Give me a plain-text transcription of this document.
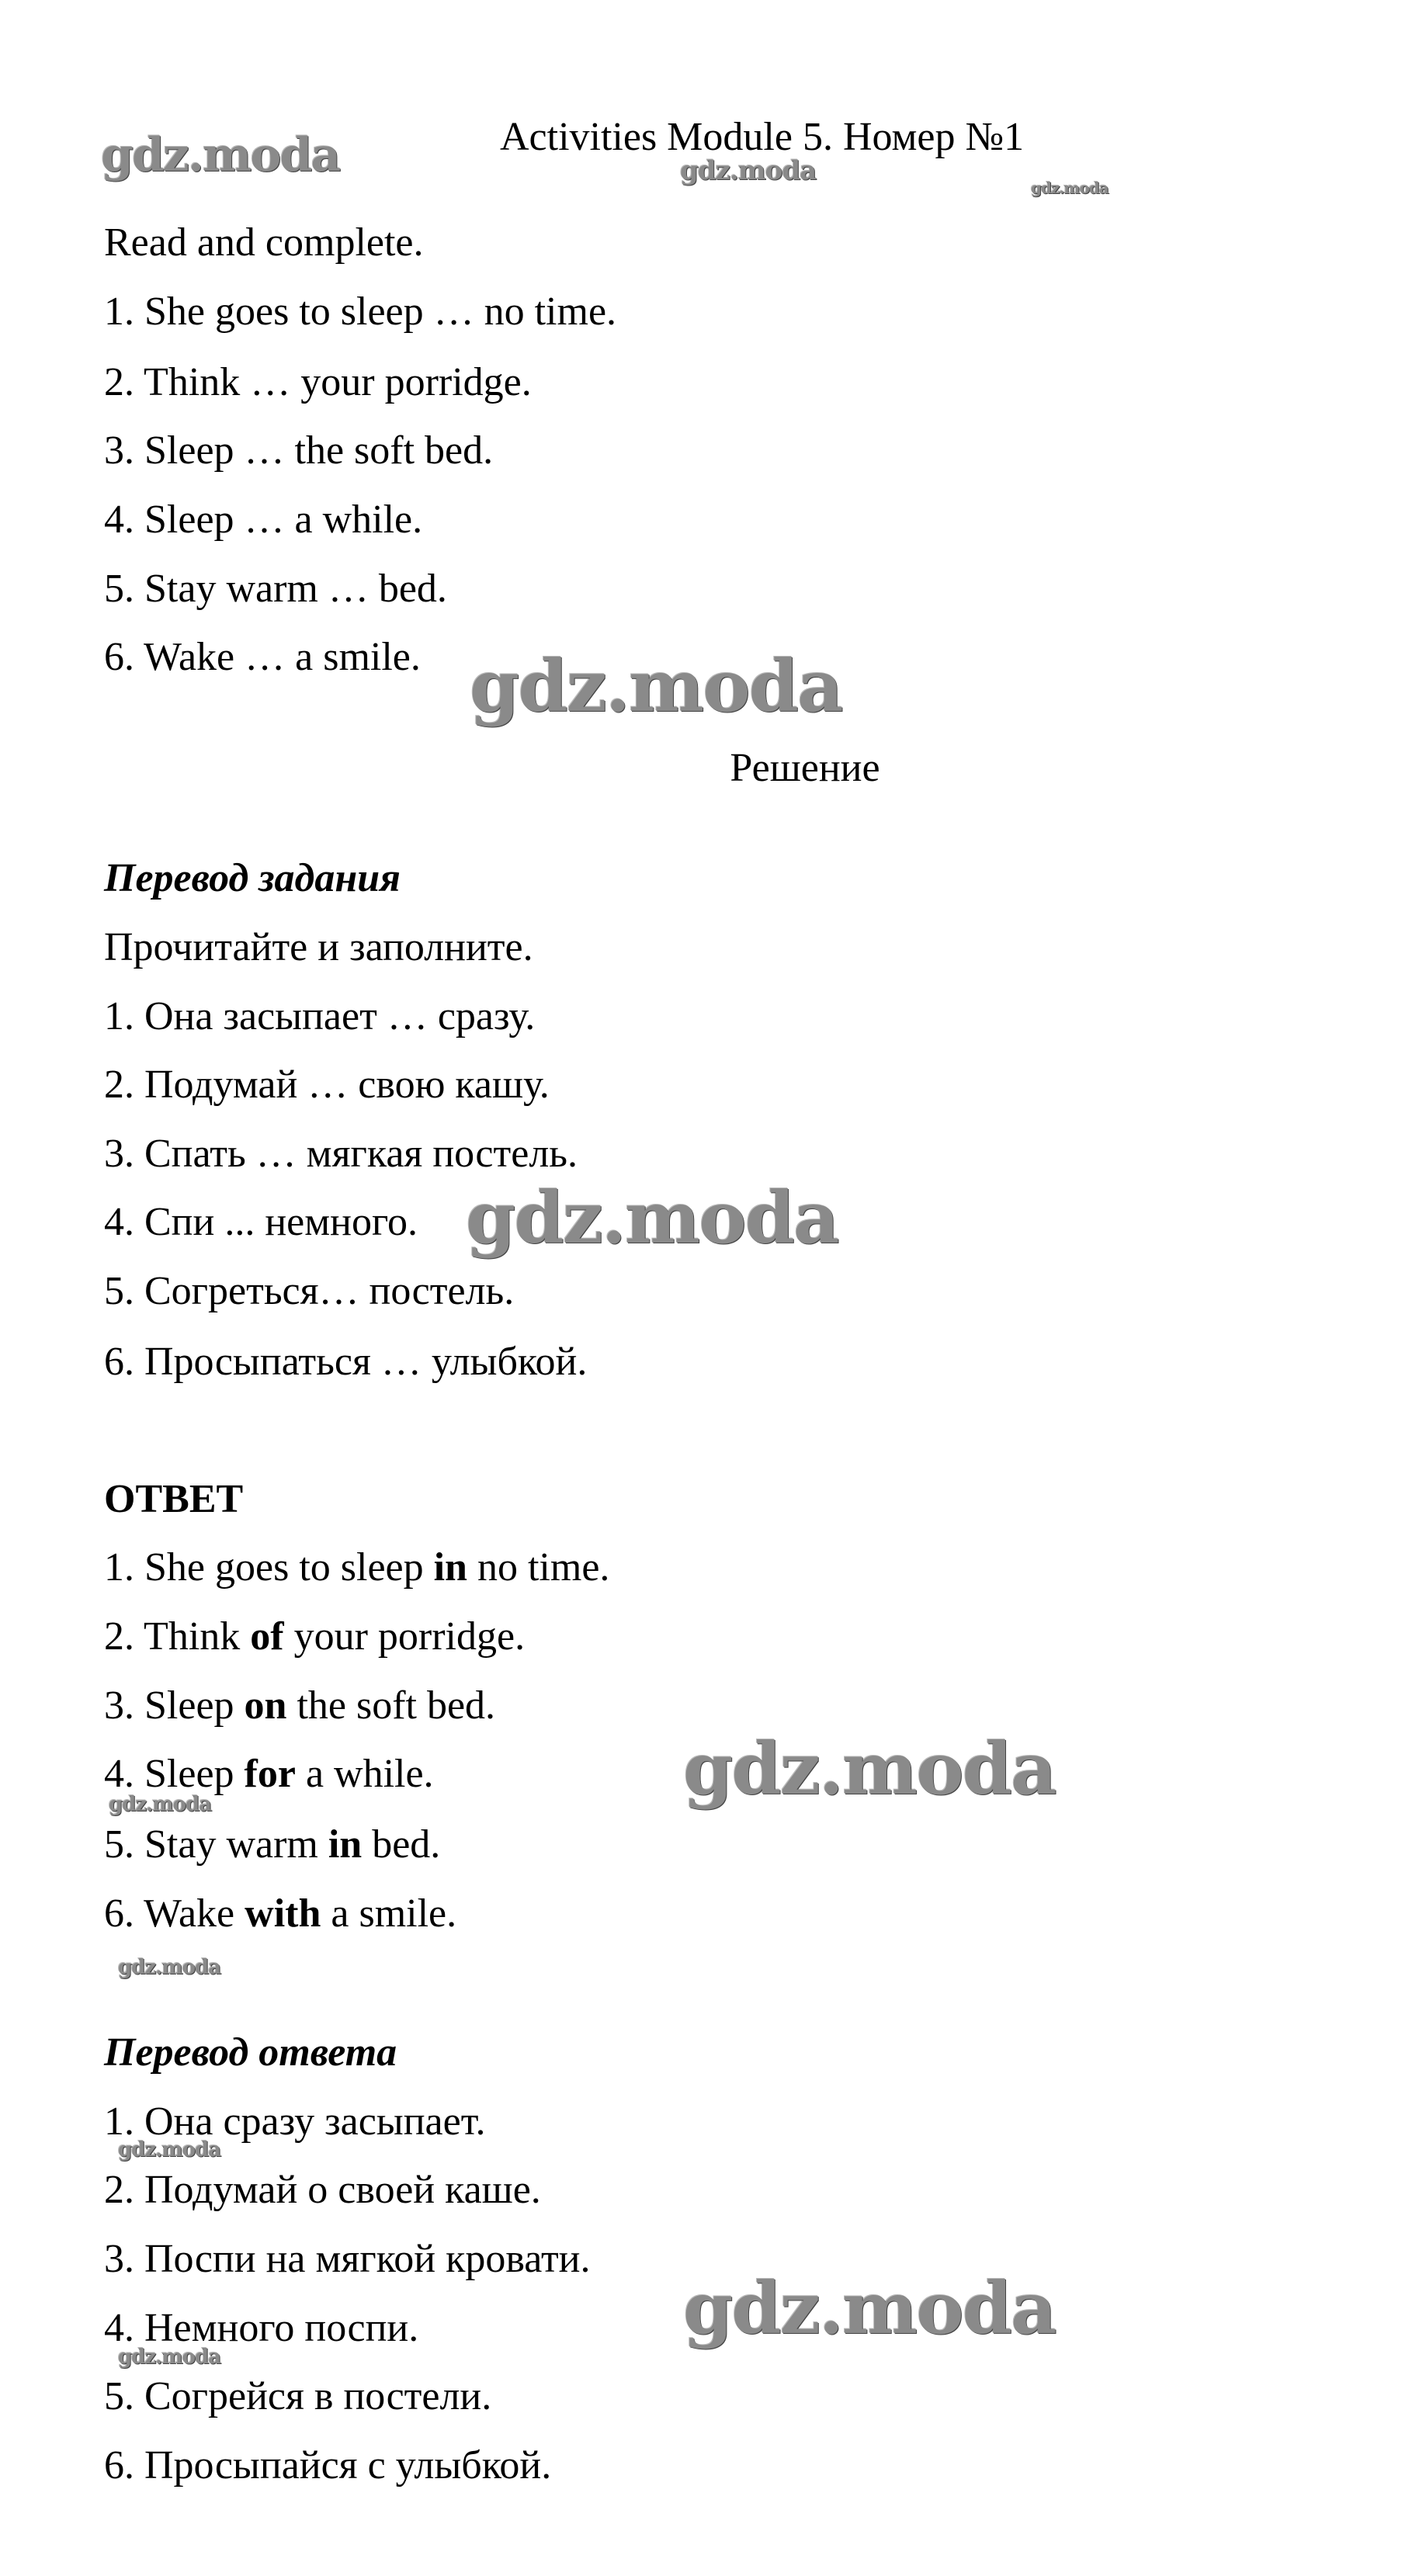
Activities Module 5. Номер №1
gdz.moda	gdz.moda
gdz.moda
Read and complete.
1. She goes to sleep … no time.
2. Think … your porridge.
3. Sleep … the soft bed.
4. Sleep … a while.
5. Stay warm … bed.
6. Wake … a smile. gdz.moda
Решение
Перевод задания
Прочитайте и заполните.
1. Она засыпает … сразу.
2. Подумай … свою кашу.
3. Спать … мягкая постель.
4. Спи ... немного. gdz.moda
5. Согреться… постель.
6. Просыпаться … улыбкой.
ОТВЕТ
1. She goes to sleep in no time.
2. Think of your porridge.
3. Sleep on the soft bed.
4. Sleep for a while.	gdz.moda
gdz.moda
5. Stay warm in bed.
6. Wake with a smile.
gdz.moda
Перевод ответа
1. Она сразу засыпает.
gdz.moda
2. Подумай о своей каше.
3. Поспи на мягкой кровати.
4. Немного поспи.	gdz.moda
gdz.moda
5. Согрейся в постели.
6. Просыпайся с улыбкой.
